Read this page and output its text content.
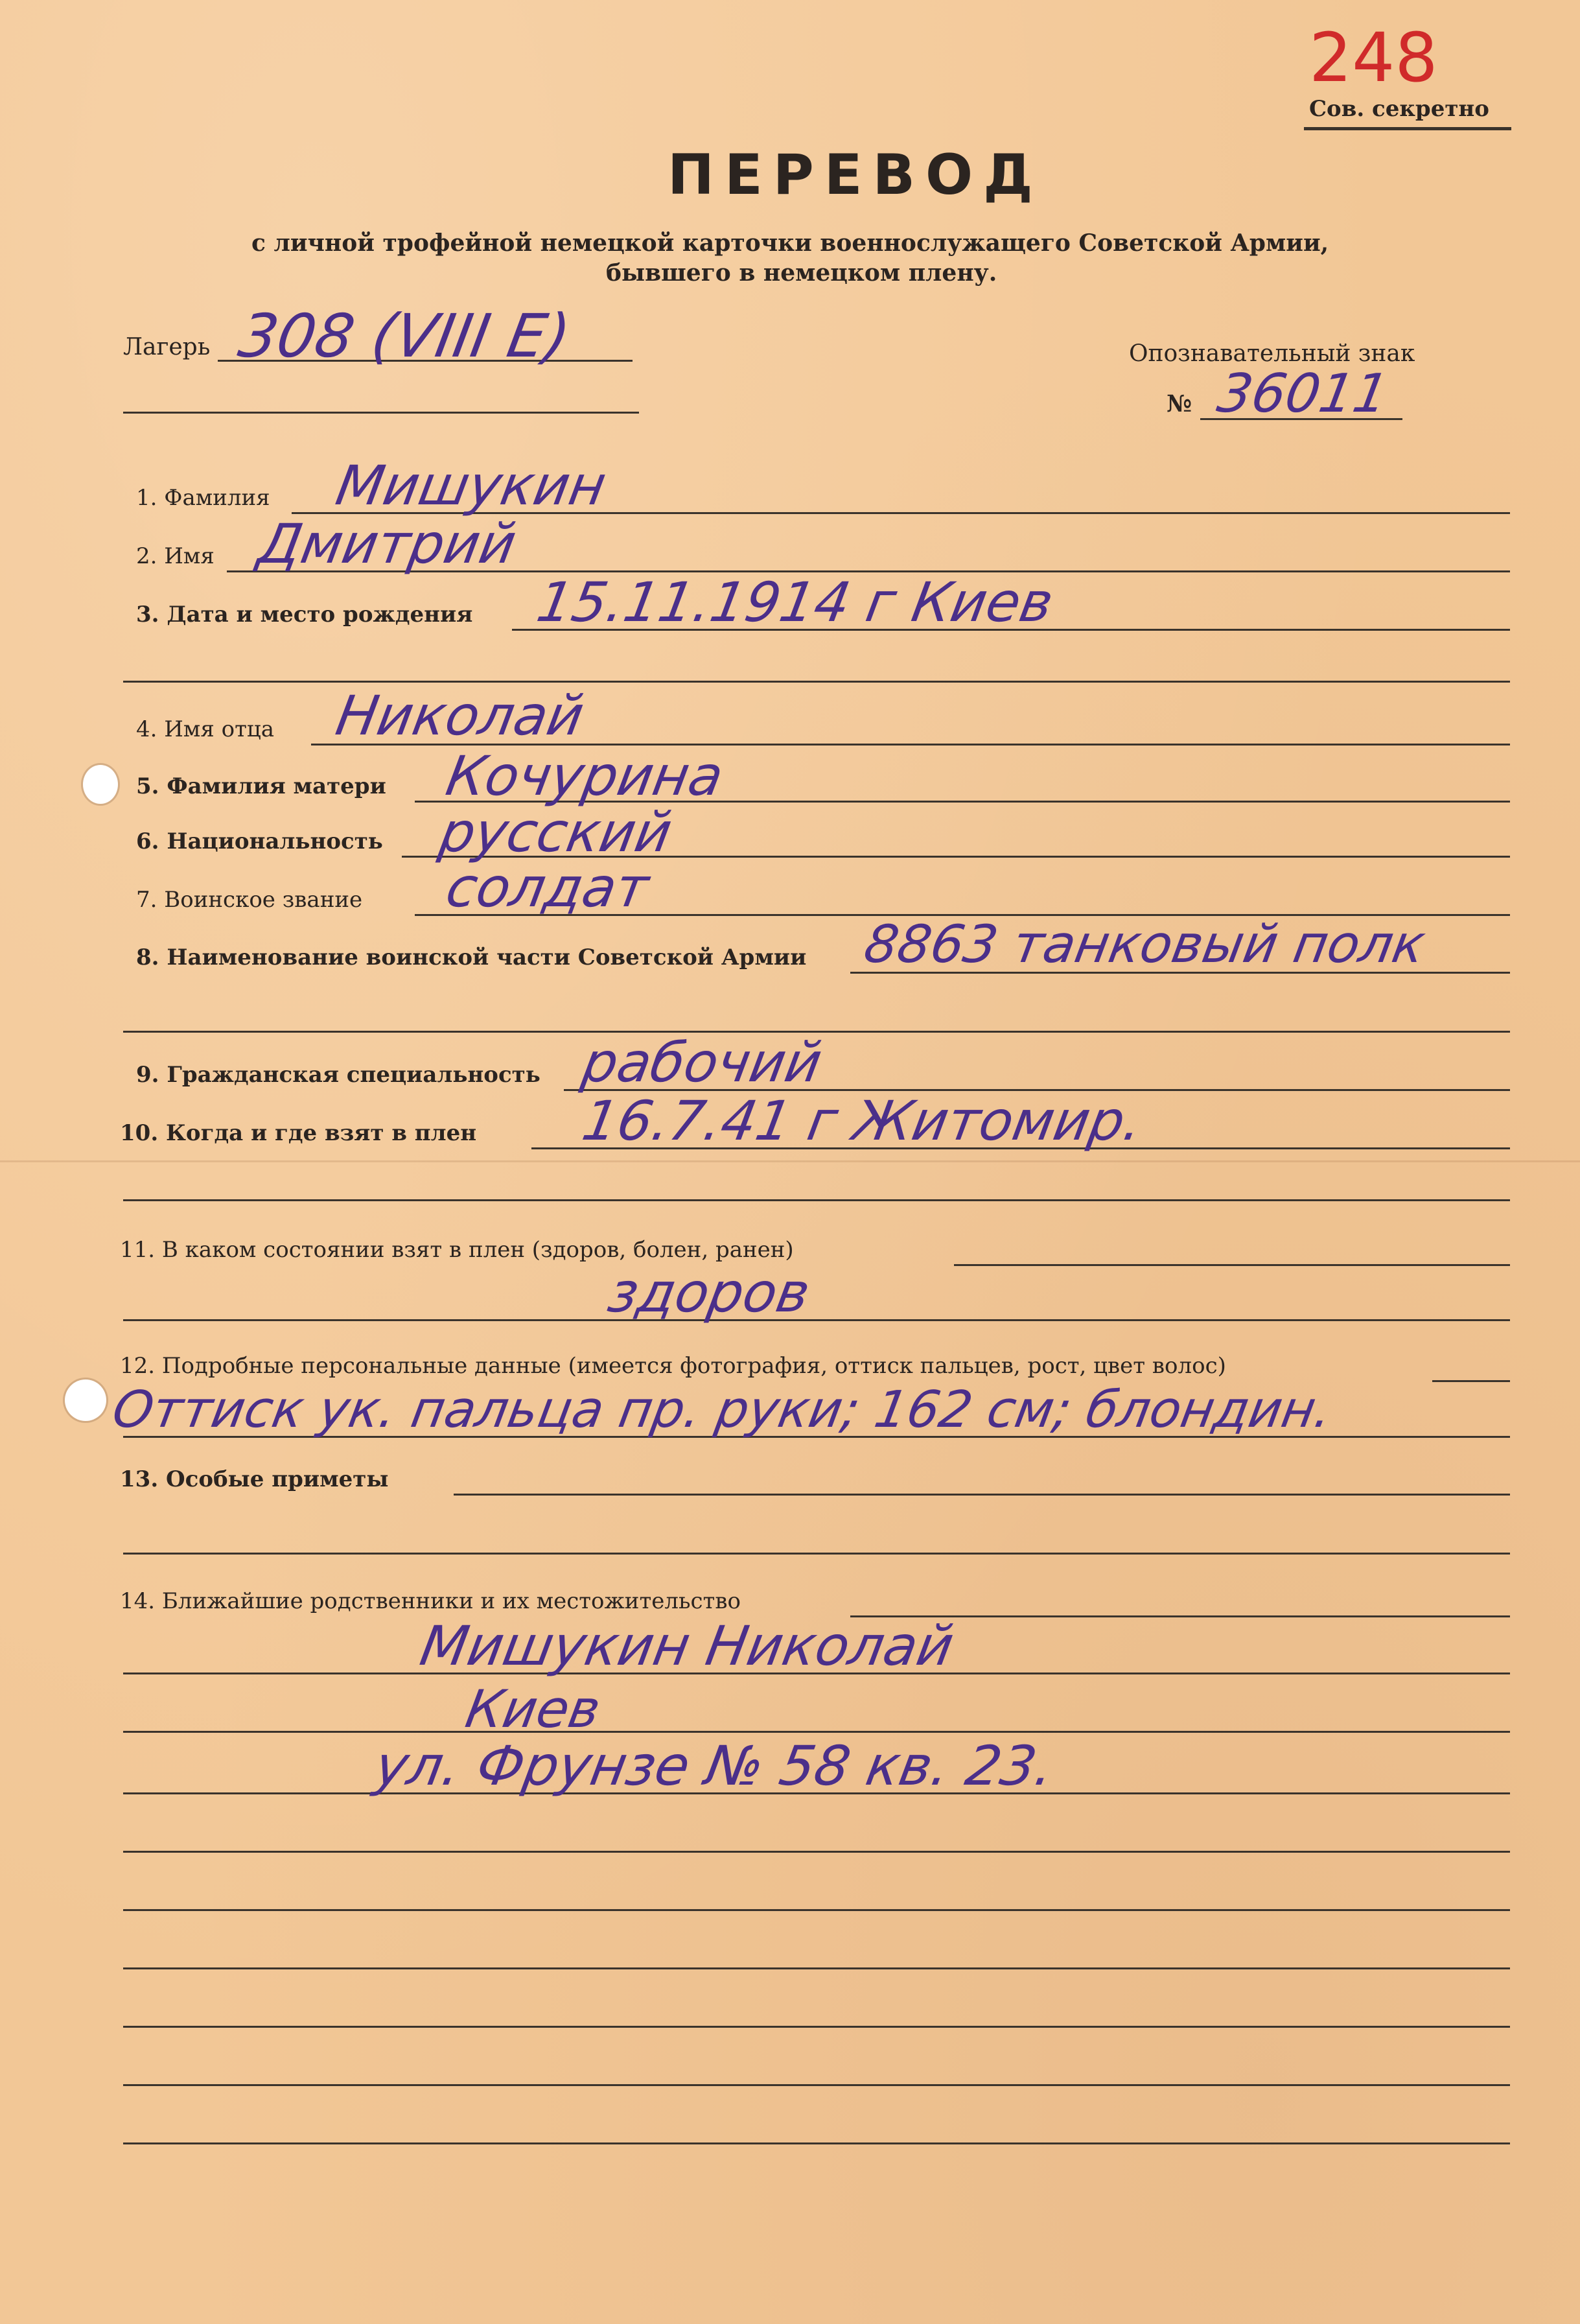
248
Сов. секретно
ПЕРЕВОД
с личной трофейной немецкой карточки военнослужащего Советской Армии,
бывшего в немецком плену.
Лагерь 308 (VIII E)	Опознавательный знак
№ 36011
1. Фамилия Мишукин
2. Имя Дмитрий
3. Дата и место рождения 15.11.1914 г Киев
4. Имя отца Николай
5. Фамилия матери Кочурина
6. Национальность русский
7. Воинское звание солдат
8. Наименование воинской части Советской Армии 8863 танковый полк
9. Гражданская специальность рабочий
10. Когда и где взят в плен 16.7.41 г Житомир.
11. В каком состоянии взят в плен (здоров, болен, ранен)
здоров
12. Подробные персональные данные (имеется фотография, оттиск пальцев, рост, цвет волос)
Оттиск ук. пальца пр. руки; 162 см; блондин.
13. Особые приметы
14. Ближайшие родственники и их местожительство
Мишукин Николай
Киев
ул. Фрунзе № 58 кв. 23.
